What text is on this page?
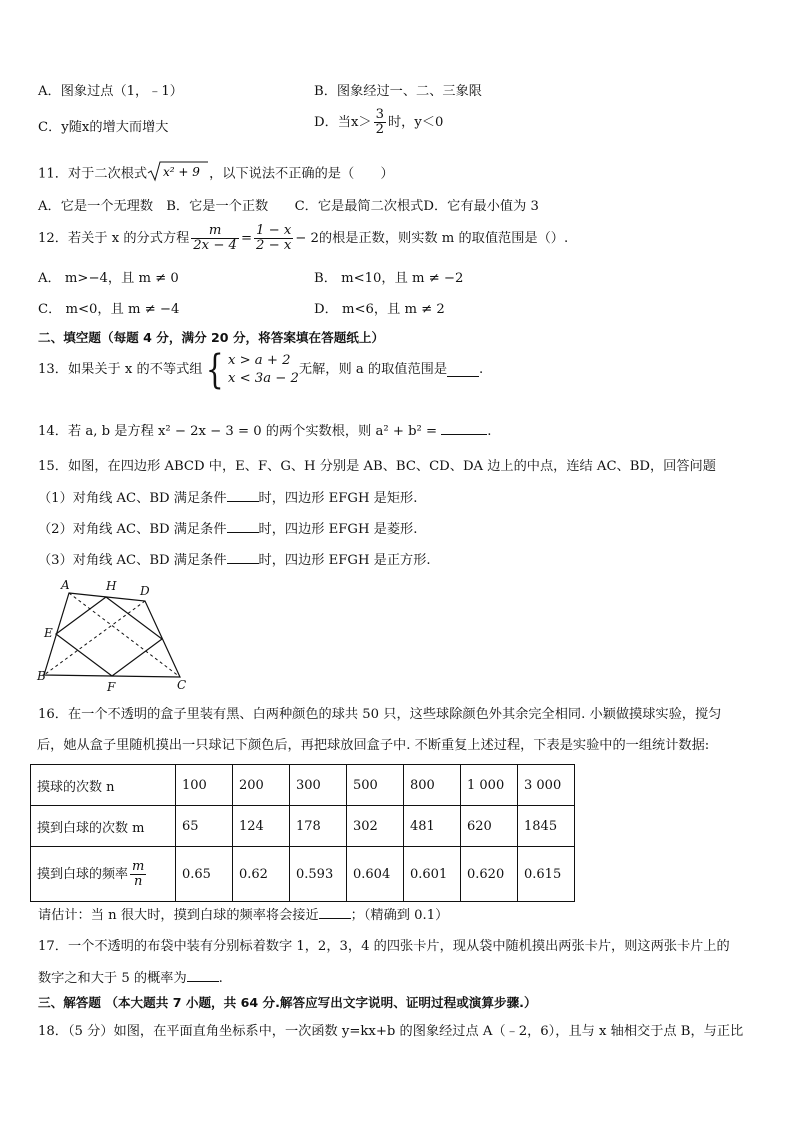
A．图象过点（1，﹣1）	B．图象经过一、二、三象限
C．y随x的增大而增大	D．当$x> \frac{3}{2}$ 时，y＜0
11．对于二次根式 x² + 9 ，以下说法不正确的是（　　）
A．它是一个无理数　B．它是一个正数　　C．它是最简二次根式D．它有最小值为 3
12．若关于 x 的分式方程 $\frac{m}{2x - 4} = \frac{1 - x}{2 - x} - 2$的根是正数，则实数 m 的取值范围是（）.
A． m>−4，且 m ≠ 0	B． m<10，且 m ≠ −2
C． m<0，且 m ≠ −4	D． m<6，且 m ≠ 2
二、填空题（每题 4 分，满分 20 分，将答案填在答题纸上）
13．如果关于 x 的不等式组{ x > a + 2
x < 3a − 2
无解，则 a 的取值范围是 .
14．若 a, b 是方程 x² − 2x − 3 = 0 的两个实数根，则 a² + b² =	.
15．如图，在四边形 ABCD 中，E、F、G、H 分别是 AB、BC、CD、DA 边上的中点，连结 AC、BD，回答问题
（1）对角线 AC、BD 满足条件 时，四边形 EFGH 是矩形.
（2）对角线 AC、BD 满足条件 时，四边形 EFGH 是菱形.
（3）对角线 AC、BD 满足条件 时，四边形 EFGH 是正方形.
A	H D
E
B
F	C
16．在一个不透明的盒子里装有黑、白两种颜色的球共 50 只，这些球除颜色外其余完全相同. 小颖做摸球实验，搅匀
后，她从盒子里随机摸出一只球记下颜色后，再把球放回盒子中. 不断重复上述过程，下表是实验中的一组统计数据:
摸球的次数 n	100	200	300	500	800	1 000	3 000
摸到白球的次数 m	65	124	178	302	481	620	1845
摸到白球的频率 $\frac{m}{n}$	0.65	0.62	0.593	0.604	0.601	0.620	0.615
请估计：当 n 很大时，摸到白球的频率将会接近 ；（精确到 0.1）
17．一个不透明的布袋中装有分别标着数字 1，2，3，4 的四张卡片，现从袋中随机摸出两张卡片，则这两张卡片上的
数字之和大于 5 的概率为 .
三、解答题 （本大题共 7 小题，共 64 分.解答应写出文字说明、证明过程或演算步骤.）
18．（5 分）如图，在平面直角坐标系中，一次函数 y=kx+b 的图象经过点 A（﹣2，6），且与 x 轴相交于点 B，与正比
